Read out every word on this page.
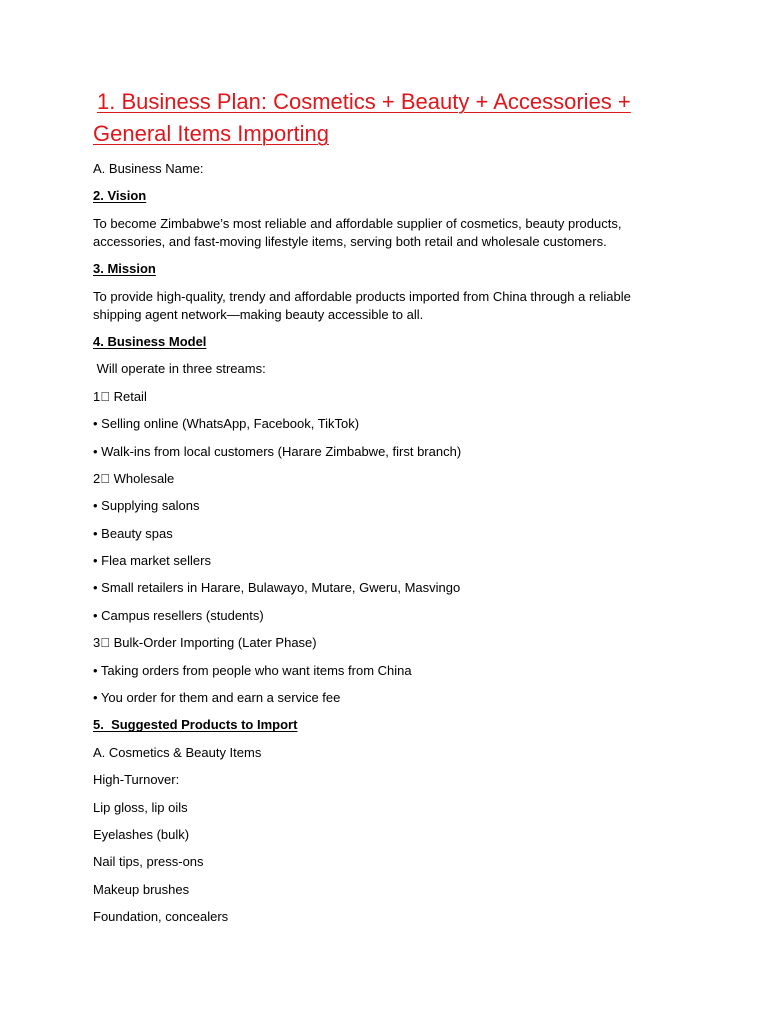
1. Business Plan: Cosmetics + Beauty + Accessories +
General Items Importing

A. Business Name:

2. Vision

To become Zimbabwe’s most reliable and affordable supplier of cosmetics, beauty products, accessories, and fast-moving lifestyle items, serving both retail and wholesale customers.

3. Mission

To provide high-quality, trendy and affordable products imported from China through a reliable shipping agent network—making beauty accessible to all.

4. Business Model

Will operate in three streams:

1⃣ Retail

• Selling online (WhatsApp, Facebook, TikTok)

• Walk-ins from local customers (Harare Zimbabwe, first branch)

2⃣ Wholesale

• Supplying salons

• Beauty spas

• Flea market sellers

• Small retailers in Harare, Bulawayo, Mutare, Gweru, Masvingo

• Campus resellers (students)

3⃣ Bulk-Order Importing (Later Phase)

• Taking orders from people who want items from China

• You order for them and earn a service fee

5.  Suggested Products to Import

A. Cosmetics & Beauty Items

High-Turnover:

Lip gloss, lip oils

Eyelashes (bulk)

Nail tips, press-ons

Makeup brushes

Foundation, concealers
